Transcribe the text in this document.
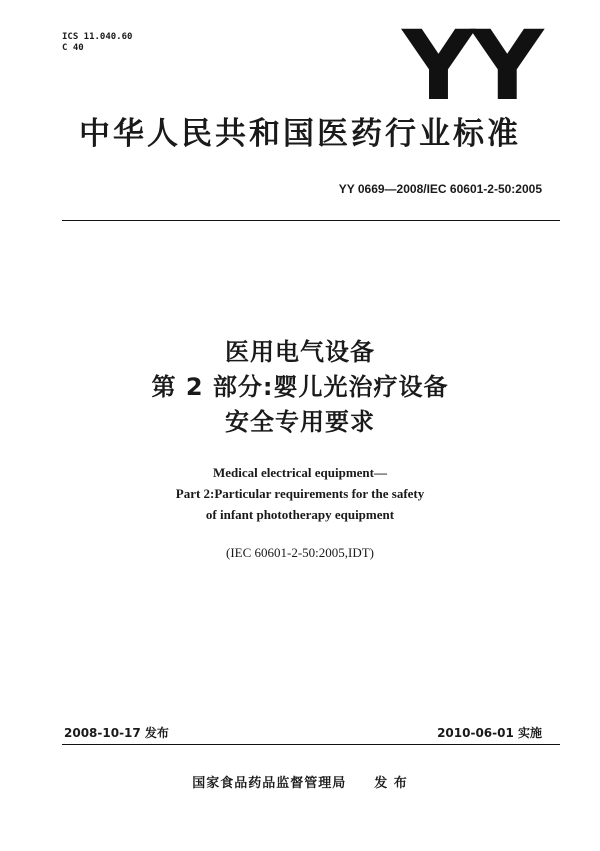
ICS 11.040.60
C 40	YY
中华人民共和国医药行业标准
YY 0669—2008/IEC 60601-2-50:2005
医用电气设备
第 2 部分:婴儿光治疗设备
安全专用要求
Medical electrical equipment—
Part 2:Particular requirements for the safety
of infant phototherapy equipment
(IEC 60601-2-50:2005,IDT)
2008-10-17 发布	2010-06-01 实施
国家食品药品监督管理局 发 布
